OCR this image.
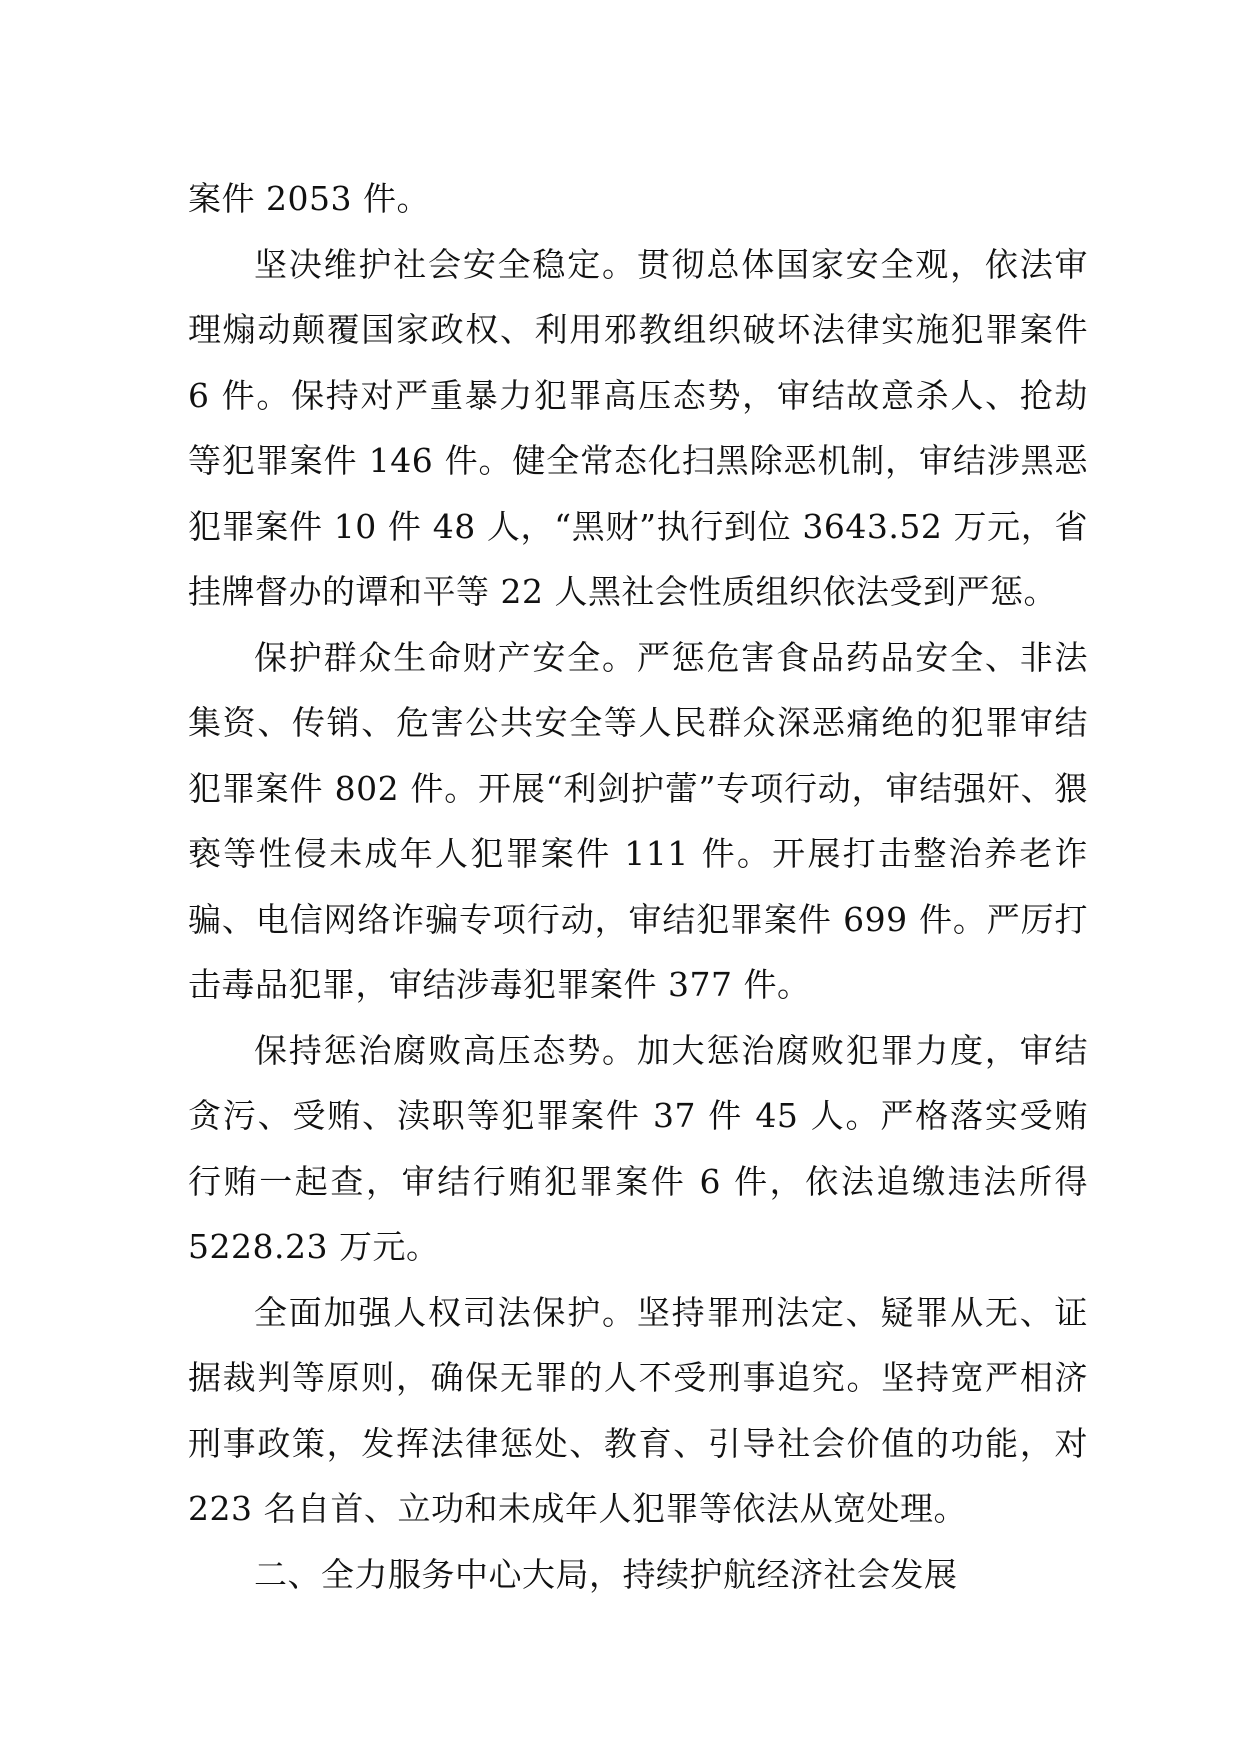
案件 2053 件。

坚决维护社会安全稳定。贯彻总体国家安全观，依法审理煽动颠覆国家政权、利用邪教组织破坏法律实施犯罪案件 6 件。保持对严重暴力犯罪高压态势，审结故意杀人、抢劫等犯罪案件 146 件。健全常态化扫黑除恶机制，审结涉黑恶犯罪案件 10 件 48 人，“黑财”执行到位 3643.52 万元，省挂牌督办的谭和平等 22 人黑社会性质组织依法受到严惩。

保护群众生命财产安全。严惩危害食品药品安全、非法集资、传销、危害公共安全等人民群众深恶痛绝的犯罪审结犯罪案件 802 件。开展“利剑护蕾”专项行动，审结强奸、猥亵等性侵未成年人犯罪案件 111 件。开展打击整治养老诈骗、电信网络诈骗专项行动，审结犯罪案件 699 件。严厉打击毒品犯罪，审结涉毒犯罪案件 377 件。

保持惩治腐败高压态势。加大惩治腐败犯罪力度，审结贪污、受贿、渎职等犯罪案件 37 件 45 人。严格落实受贿行贿一起查，审结行贿犯罪案件 6 件，依法追缴违法所得 5228.23 万元。

全面加强人权司法保护。坚持罪刑法定、疑罪从无、证据裁判等原则，确保无罪的人不受刑事追究。坚持宽严相济刑事政策，发挥法律惩处、教育、引导社会价值的功能，对 223 名自首、立功和未成年人犯罪等依法从宽处理。

二、全力服务中心大局，持续护航经济社会发展
